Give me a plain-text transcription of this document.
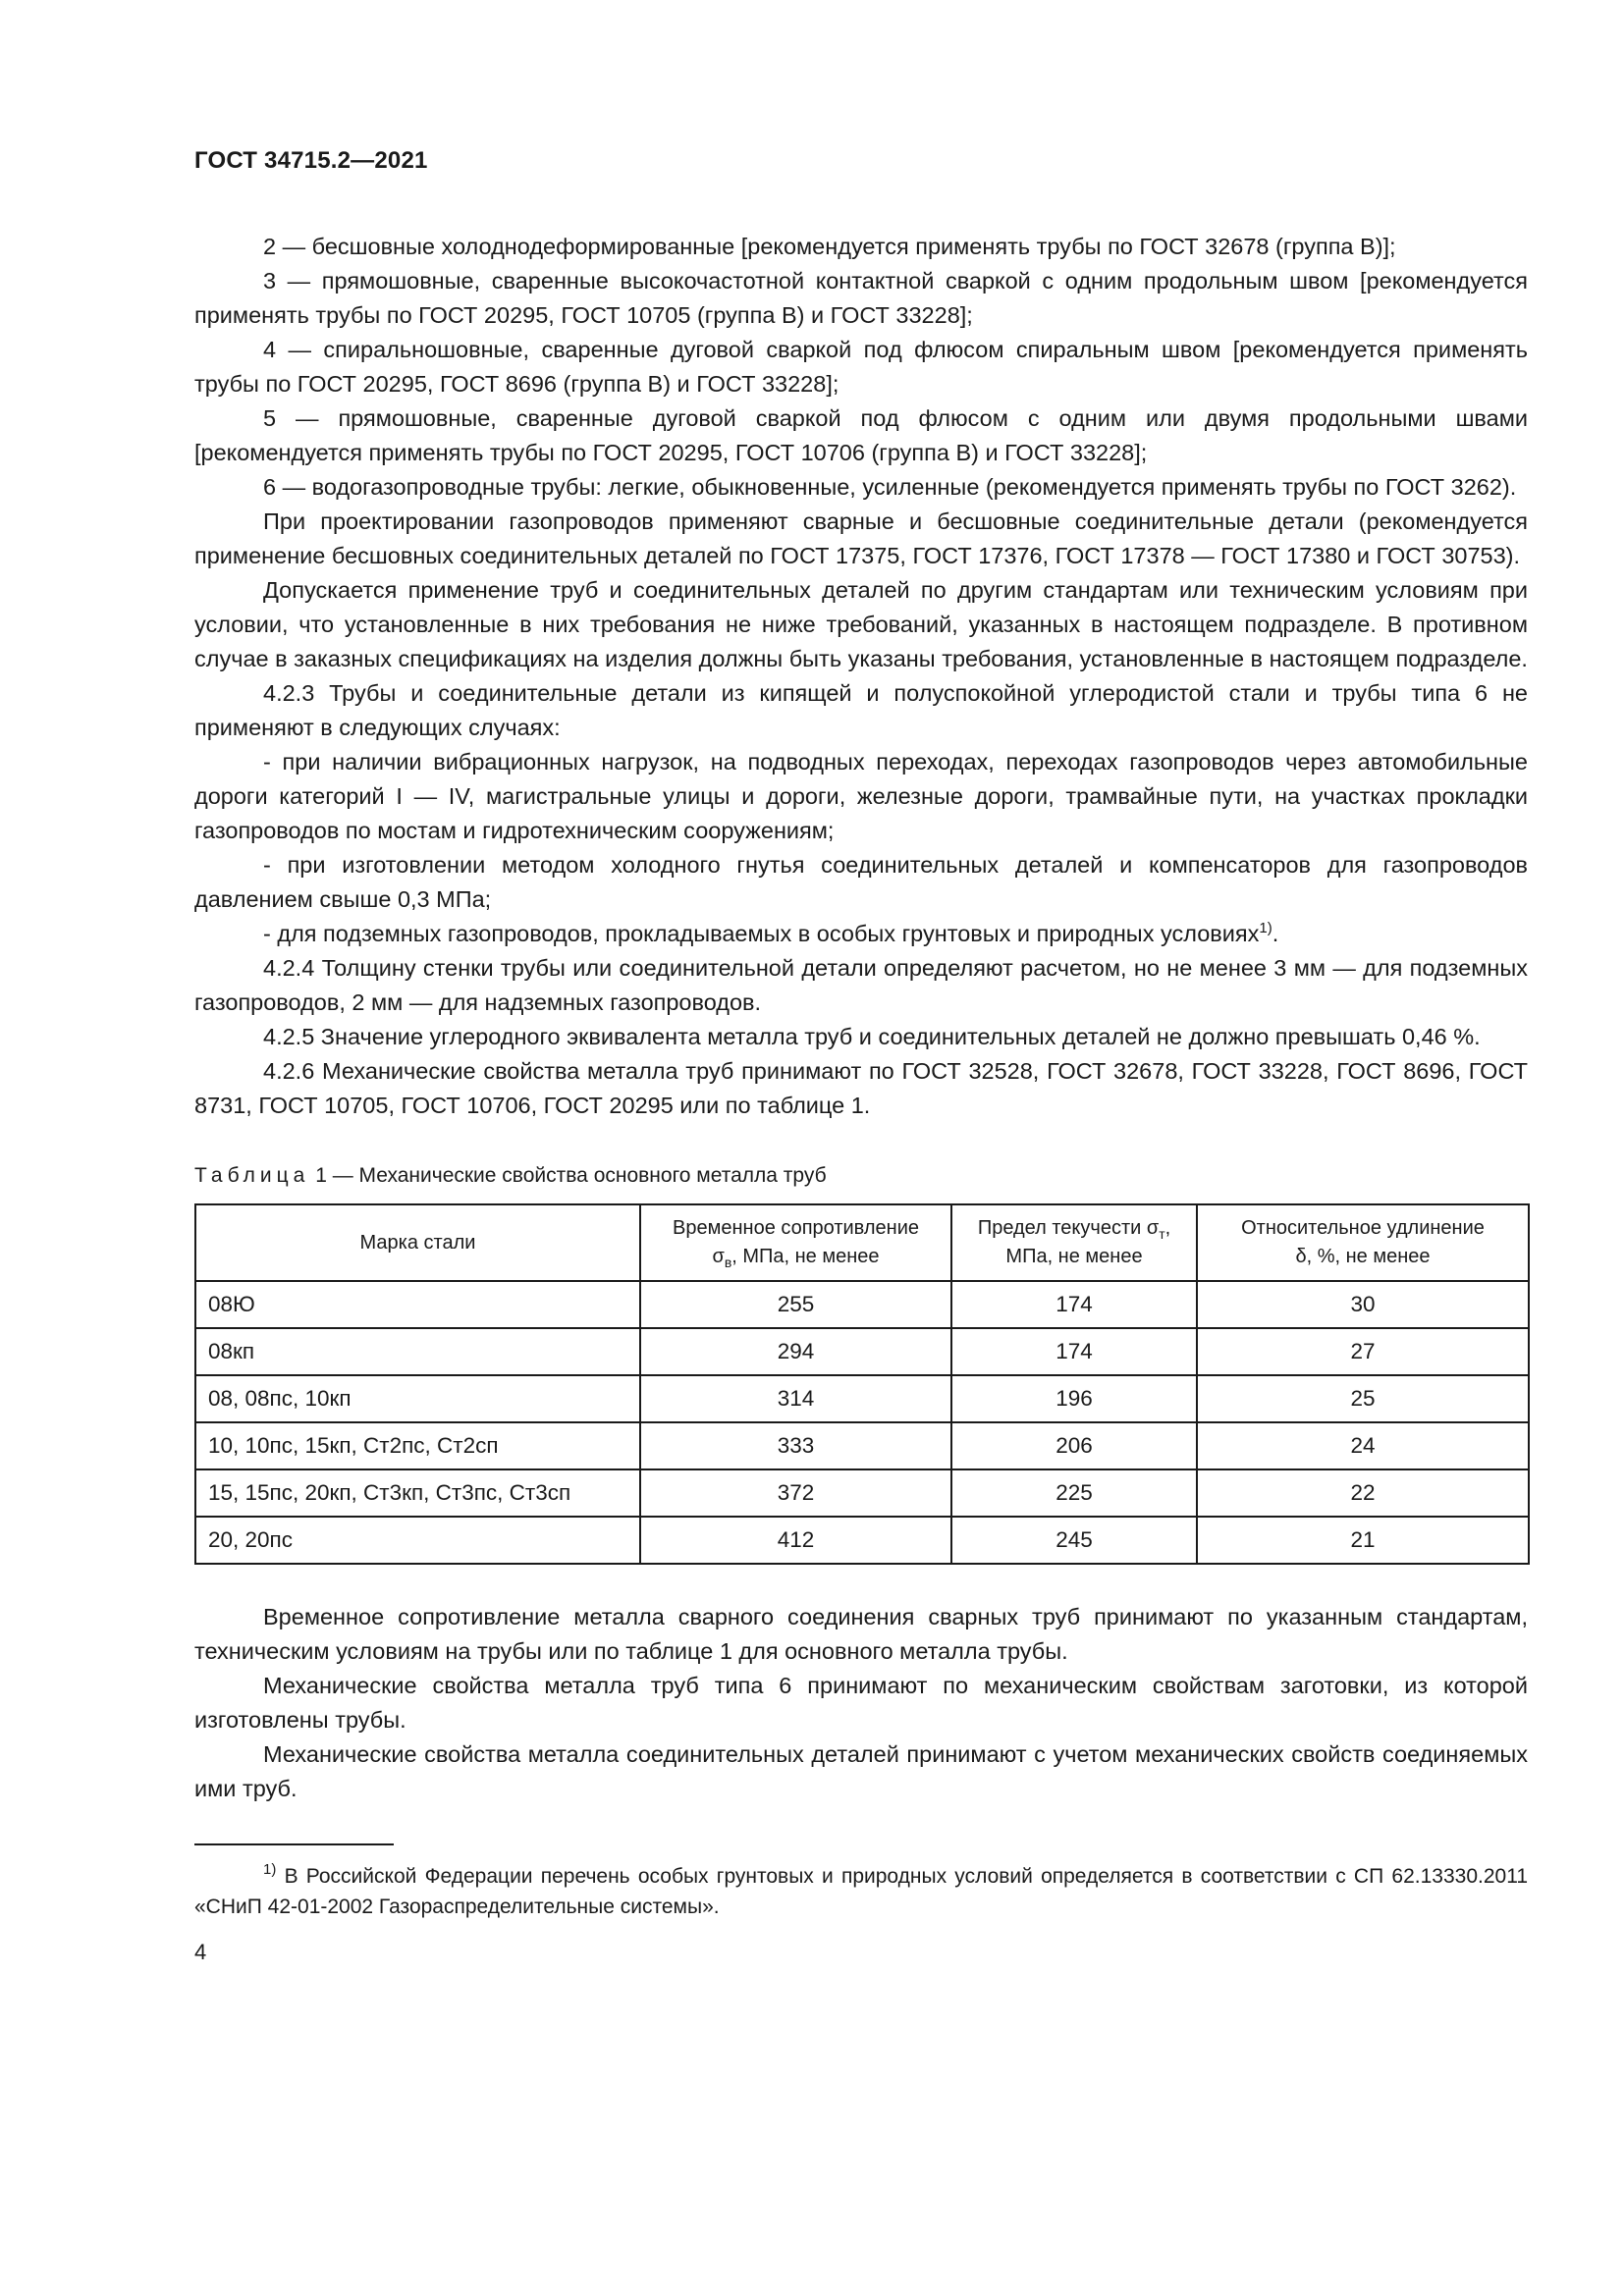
ГОСТ 34715.2—2021

2 — бесшовные холоднодеформированные [рекомендуется применять трубы по ГОСТ 32678 (группа В)];

3 — прямошовные, сваренные высокочастотной контактной сваркой с одним продольным швом [рекомендуется применять трубы по ГОСТ 20295, ГОСТ 10705 (группа В) и ГОСТ 33228];

4 — спиральношовные, сваренные дуговой сваркой под флюсом спиральным швом [рекомендуется применять трубы по ГОСТ 20295, ГОСТ 8696 (группа В) и ГОСТ 33228];

5 — прямошовные, сваренные дуговой сваркой под флюсом с одним или двумя продольными швами [рекомендуется применять трубы по ГОСТ 20295, ГОСТ 10706 (группа В) и ГОСТ 33228];

6 — водогазопроводные трубы: легкие, обыкновенные, усиленные (рекомендуется применять трубы по ГОСТ 3262).

При проектировании газопроводов применяют сварные и бесшовные соединительные детали (рекомендуется применение бесшовных соединительных деталей по ГОСТ 17375, ГОСТ 17376, ГОСТ 17378 — ГОСТ 17380 и ГОСТ 30753).

Допускается применение труб и соединительных деталей по другим стандартам или техническим условиям при условии, что установленные в них требования не ниже требований, указанных в настоящем подразделе. В противном случае в заказных спецификациях на изделия должны быть указаны требования, установленные в настоящем подразделе.

4.2.3 Трубы и соединительные детали из кипящей и полуспокойной углеродистой стали и трубы типа 6 не применяют в следующих случаях:

- при наличии вибрационных нагрузок, на подводных переходах, переходах газопроводов через автомобильные дороги категорий I — IV, магистральные улицы и дороги, железные дороги, трамвайные пути, на участках прокладки газопроводов по мостам и гидротехническим сооружениям;

- при изготовлении методом холодного гнутья соединительных деталей и компенсаторов для газопроводов давлением свыше 0,3 МПа;

- для подземных газопроводов, прокладываемых в особых грунтовых и природных условиях$^{1)}$.

4.2.4 Толщину стенки трубы или соединительной детали определяют расчетом, но не менее 3 мм — для подземных газопроводов, 2 мм — для надземных газопроводов.

4.2.5 Значение углеродного эквивалента металла труб и соединительных деталей не должно превышать 0,46 %.

4.2.6 Механические свойства металла труб принимают по ГОСТ 32528, ГОСТ 32678, ГОСТ 33228, ГОСТ 8696, ГОСТ 8731, ГОСТ 10705, ГОСТ 10706, ГОСТ 20295 или по таблице 1.

Таблица 1 — Механические свойства основного металла труб
Марка стали	Временное сопротивление
$\sigma_в$, МПа, не менее	Предел текучести $\sigma_т$, МПа, не менее	Относительное удлинение
δ, %, не менее
08Ю	255	174	30
08кп	294	174	27
08, 08пс, 10кп	314	196	25
10, 10пс, 15кп, Ст2пс, Ст2сп	333	206	24
15, 15пс, 20кп, Ст3кп, Ст3пс, Ст3сп	372	225	22
20, 20пс	412	245	21

Временное сопротивление металла сварного соединения сварных труб принимают по указанным стандартам, техническим условиям на трубы или по таблице 1 для основного металла трубы.

Механические свойства металла труб типа 6 принимают по механическим свойствам заготовки, из которой изготовлены трубы.

Механические свойства металла соединительных деталей принимают с учетом механических свойств соединяемых ими труб.

$^{1)}$ В Российской Федерации перечень особых грунтовых и природных условий определяется в соответствии с СП 62.13330.2011 «СНиП 42-01-2002 Газораспределительные системы».

4
